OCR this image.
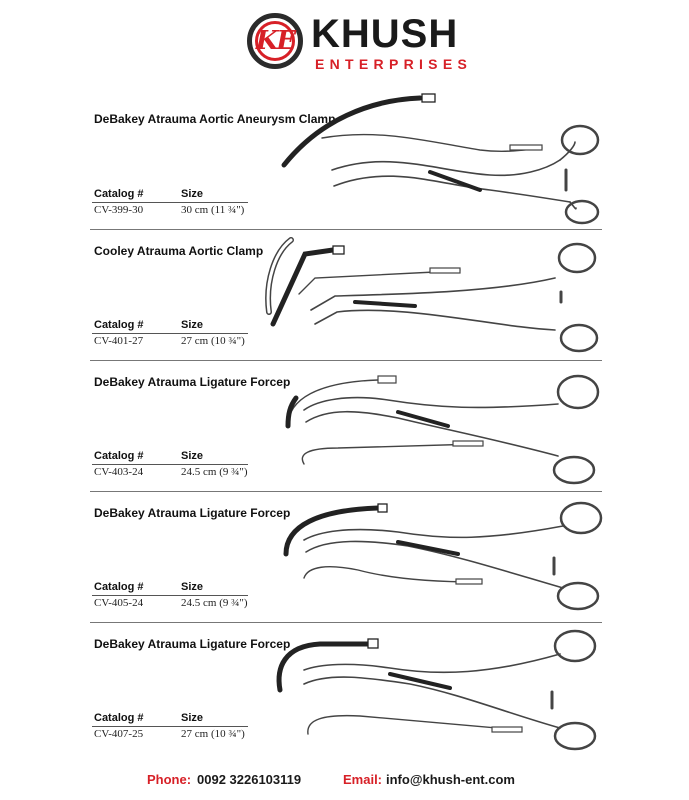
KE KHUSH
ENTERPRISES
DeBakey Atrauma Aortic Aneurysm Clamp
Catalog #	Size
CV-399-30	30 cm (11 ¾")
Cooley Atrauma Aortic Clamp
Catalog #	Size
CV-401-27	27 cm (10 ¾")
DeBakey Atrauma Ligature Forcep
Catalog #	Size
CV-403-24	24.5 cm (9 ¾")
DeBakey Atrauma Ligature Forcep
Catalog #	Size
CV-405-24	24.5 cm (9 ¾")
DeBakey Atrauma Ligature Forcep
Catalog #	Size
CV-407-25	27 cm (10 ¾")
Phone: 0092 3226103119	Email: info@khush-ent.com
